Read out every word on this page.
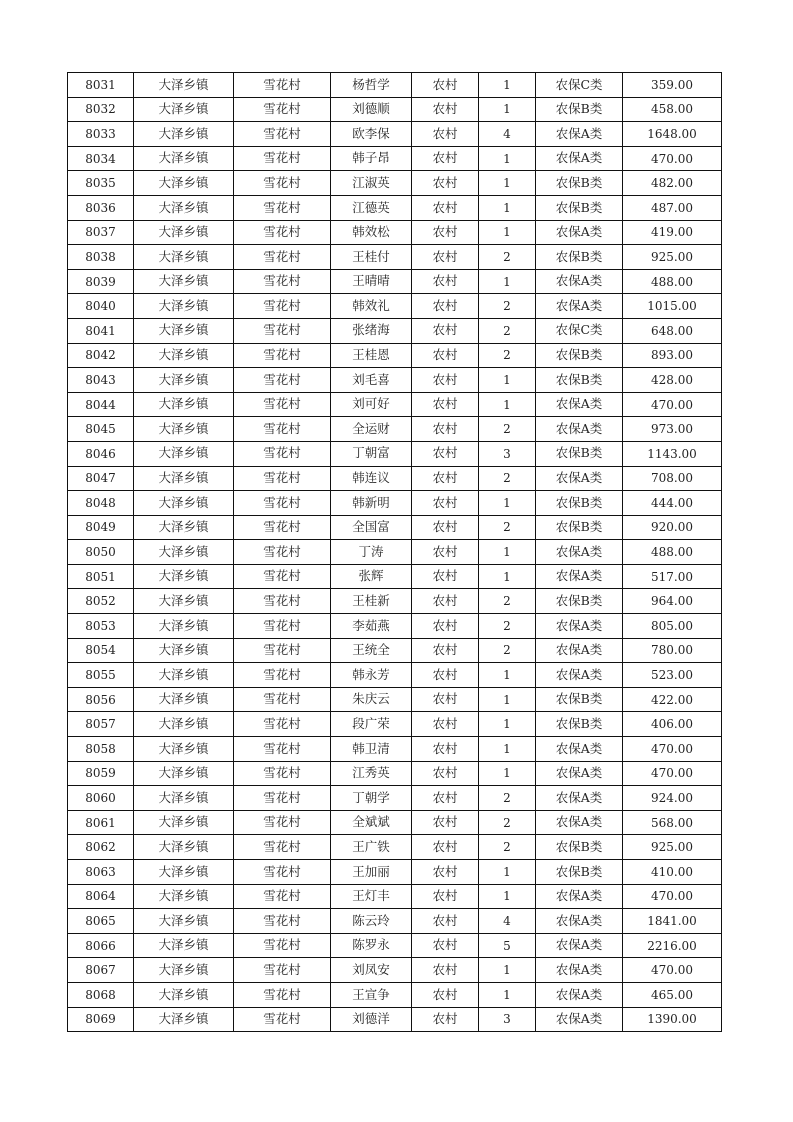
8031	大泽乡镇	雪花村	杨哲学	农村	1	农保C类	359.00
8032	大泽乡镇	雪花村	刘德顺	农村	1	农保B类	458.00
8033	大泽乡镇	雪花村	欧李保	农村	4	农保A类	1648.00
8034	大泽乡镇	雪花村	韩子昂	农村	1	农保A类	470.00
8035	大泽乡镇	雪花村	江淑英	农村	1	农保B类	482.00
8036	大泽乡镇	雪花村	江德英	农村	1	农保B类	487.00
8037	大泽乡镇	雪花村	韩效松	农村	1	农保A类	419.00
8038	大泽乡镇	雪花村	王桂付	农村	2	农保B类	925.00
8039	大泽乡镇	雪花村	王晴晴	农村	1	农保A类	488.00
8040	大泽乡镇	雪花村	韩效礼	农村	2	农保A类	1015.00
8041	大泽乡镇	雪花村	张绪海	农村	2	农保C类	648.00
8042	大泽乡镇	雪花村	王桂恩	农村	2	农保B类	893.00
8043	大泽乡镇	雪花村	刘毛喜	农村	1	农保B类	428.00
8044	大泽乡镇	雪花村	刘可好	农村	1	农保A类	470.00
8045	大泽乡镇	雪花村	全运财	农村	2	农保A类	973.00
8046	大泽乡镇	雪花村	丁朝富	农村	3	农保B类	1143.00
8047	大泽乡镇	雪花村	韩连议	农村	2	农保A类	708.00
8048	大泽乡镇	雪花村	韩新明	农村	1	农保B类	444.00
8049	大泽乡镇	雪花村	全国富	农村	2	农保B类	920.00
8050	大泽乡镇	雪花村	丁涛	农村	1	农保A类	488.00
8051	大泽乡镇	雪花村	张辉	农村	1	农保A类	517.00
8052	大泽乡镇	雪花村	王桂新	农村	2	农保B类	964.00
8053	大泽乡镇	雪花村	李茹燕	农村	2	农保A类	805.00
8054	大泽乡镇	雪花村	王统全	农村	2	农保A类	780.00
8055	大泽乡镇	雪花村	韩永芳	农村	1	农保A类	523.00
8056	大泽乡镇	雪花村	朱庆云	农村	1	农保B类	422.00
8057	大泽乡镇	雪花村	段广荣	农村	1	农保B类	406.00
8058	大泽乡镇	雪花村	韩卫清	农村	1	农保A类	470.00
8059	大泽乡镇	雪花村	江秀英	农村	1	农保A类	470.00
8060	大泽乡镇	雪花村	丁朝学	农村	2	农保A类	924.00
8061	大泽乡镇	雪花村	全斌斌	农村	2	农保A类	568.00
8062	大泽乡镇	雪花村	王广铁	农村	2	农保B类	925.00
8063	大泽乡镇	雪花村	王加丽	农村	1	农保B类	410.00
8064	大泽乡镇	雪花村	王灯丰	农村	1	农保A类	470.00
8065	大泽乡镇	雪花村	陈云玲	农村	4	农保A类	1841.00
8066	大泽乡镇	雪花村	陈罗永	农村	5	农保A类	2216.00
8067	大泽乡镇	雪花村	刘凤安	农村	1	农保A类	470.00
8068	大泽乡镇	雪花村	王宣争	农村	1	农保A类	465.00
8069	大泽乡镇	雪花村	刘德洋	农村	3	农保A类	1390.00
